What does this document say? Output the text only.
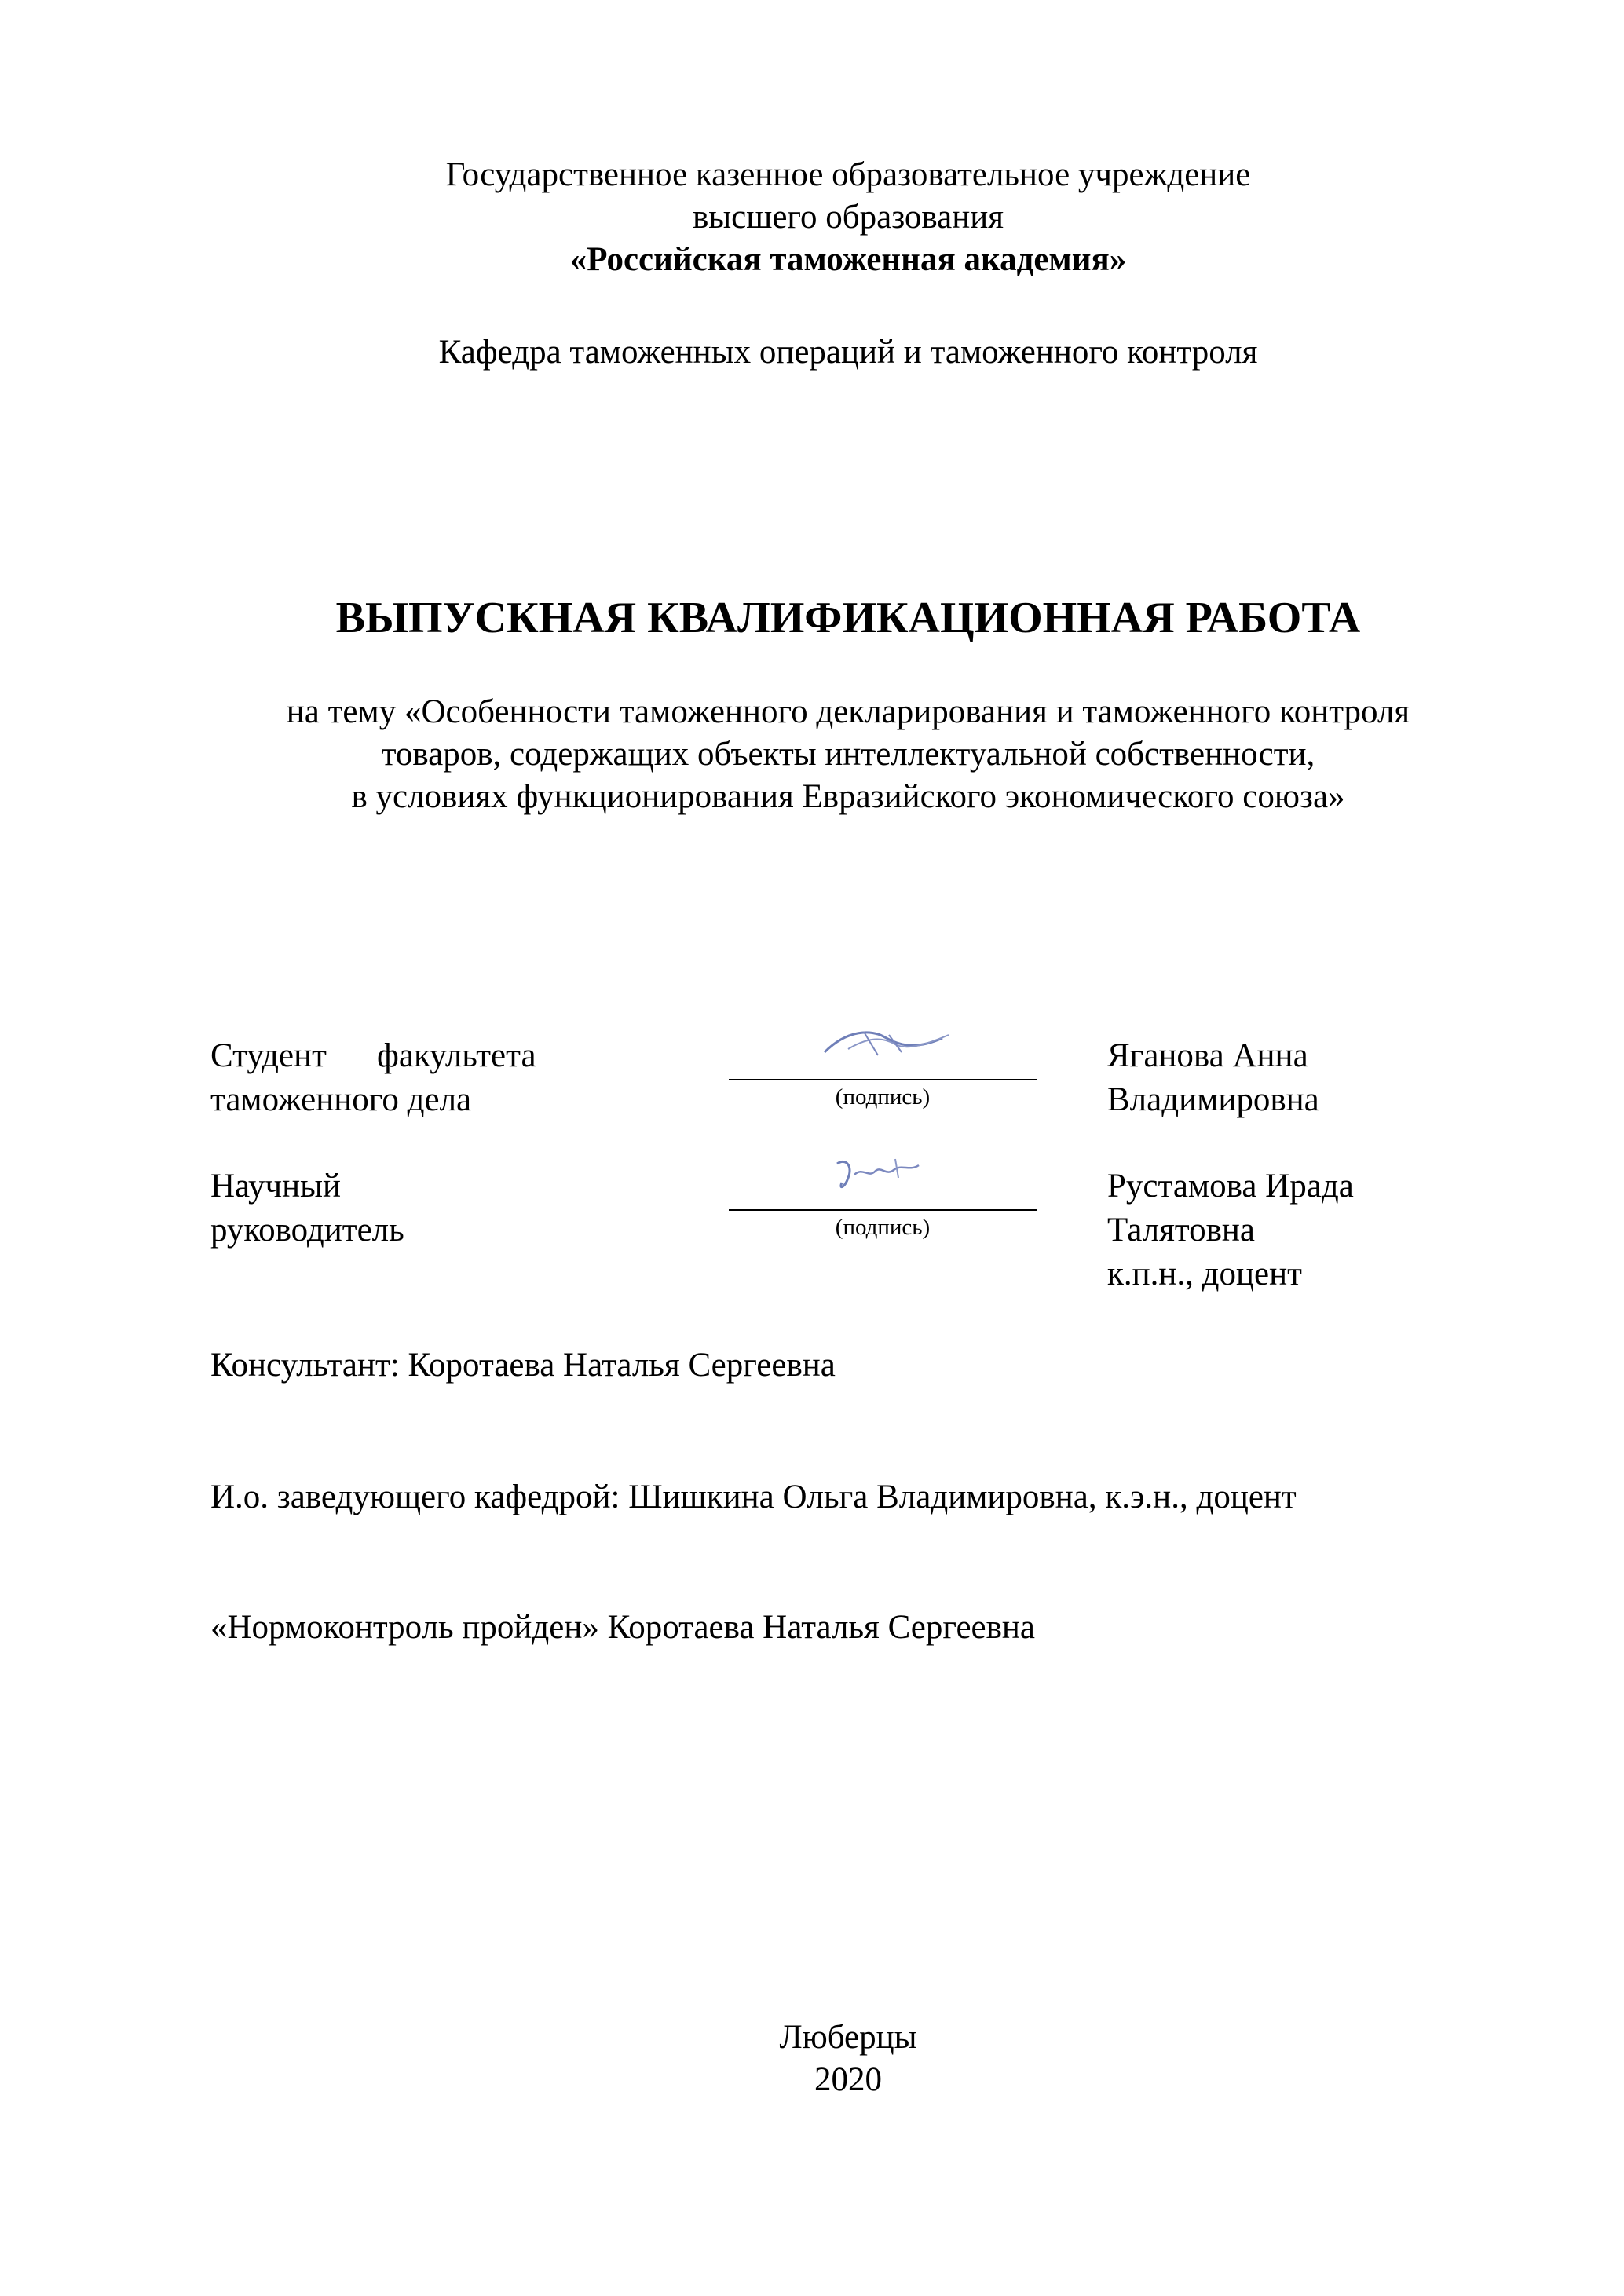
Государственное казенное образовательное учреждение
высшего образования
«Российская таможенная академия»
Кафедра таможенных операций и таможенного контроля
ВЫПУСКНАЯ КВАЛИФИКАЦИОННАЯ РАБОТА
на тему «Особенности таможенного декларирования и таможенного контроля
товаров, содержащих объекты интеллектуальной собственности,
в условиях функционирования Евразийского экономического союза»
Студент факультета
таможенного дела	(подпись)
Яганова Анна
Владимировна
Научный
руководитель	(подпись)
Рустамова Ирада
Талятовна
к.п.н., доцент
Консультант: Коротаева Наталья Сергеевна
И.о. заведующего кафедрой: Шишкина Ольга Владимировна, к.э.н., доцент
«Нормоконтроль пройден» Коротаева Наталья Сергеевна
Люберцы
2020
